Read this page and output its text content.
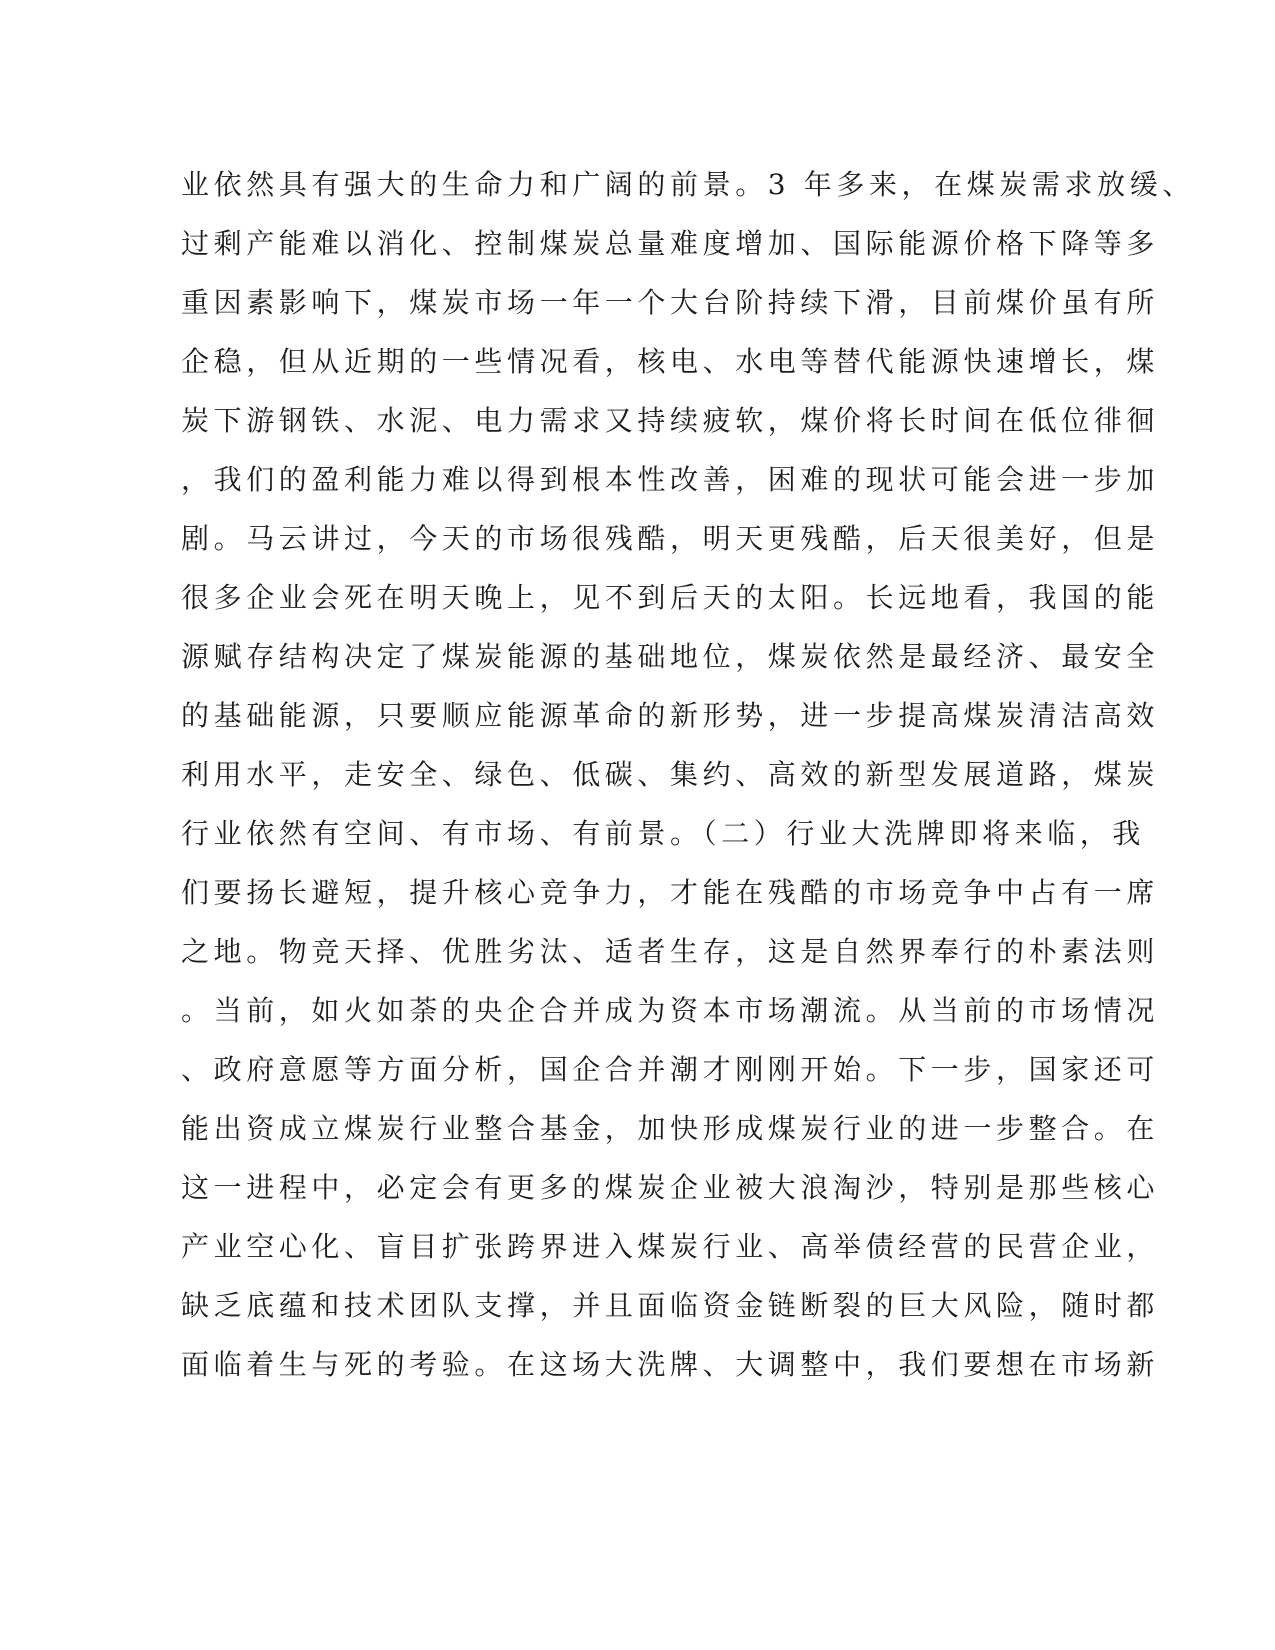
业依然具有强大的生命力和广阔的前景。3 年多来，在煤炭需求放缓、
过剩产能难以消化、控制煤炭总量难度增加、国际能源价格下降等多
重因素影响下，煤炭市场一年一个大台阶持续下滑，目前煤价虽有所
企稳，但从近期的一些情况看，核电、水电等替代能源快速增长，煤
炭下游钢铁、水泥、电力需求又持续疲软，煤价将长时间在低位徘徊
，我们的盈利能力难以得到根本性改善，困难的现状可能会进一步加
剧。马云讲过，今天的市场很残酷，明天更残酷，后天很美好，但是
很多企业会死在明天晚上，见不到后天的太阳。长远地看，我国的能
源赋存结构决定了煤炭能源的基础地位，煤炭依然是最经济、最安全
的基础能源，只要顺应能源革命的新形势，进一步提高煤炭清洁高效
利用水平，走安全、绿色、低碳、集约、高效的新型发展道路，煤炭
行业依然有空间、有市场、有前景。（二）行业大洗牌即将来临，我
们要扬长避短，提升核心竞争力，才能在残酷的市场竞争中占有一席
之地。物竞天择、优胜劣汰、适者生存，这是自然界奉行的朴素法则
。当前，如火如荼的央企合并成为资本市场潮流。从当前的市场情况
、政府意愿等方面分析，国企合并潮才刚刚开始。下一步，国家还可
能出资成立煤炭行业整合基金，加快形成煤炭行业的进一步整合。在
这一进程中，必定会有更多的煤炭企业被大浪淘沙，特别是那些核心
产业空心化、盲目扩张跨界进入煤炭行业、高举债经营的民营企业，
缺乏底蕴和技术团队支撑，并且面临资金链断裂的巨大风险，随时都
面临着生与死的考验。在这场大洗牌、大调整中，我们要想在市场新
